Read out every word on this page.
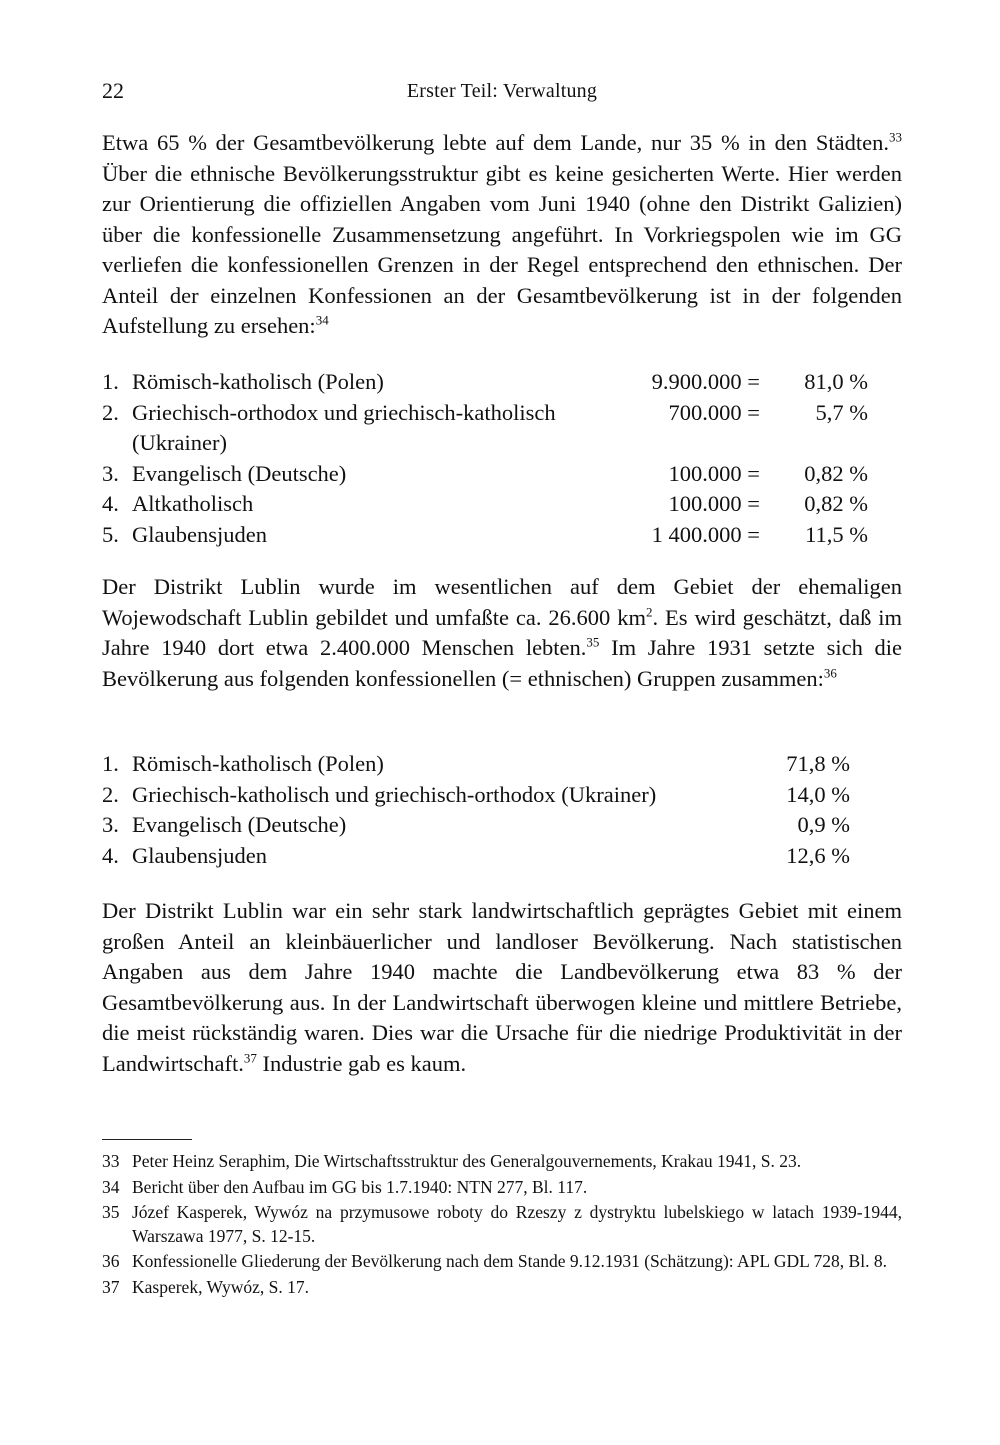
22	Erster Teil: Verwaltung

Etwa 65 % der Gesamtbevölkerung lebte auf dem Lande, nur 35 % in den Städten.$^{33}$ Über die ethnische Bevölkerungsstruktur gibt es keine gesicherten Werte. Hier werden zur Orientierung die offiziellen Angaben vom Juni 1940 (ohne den Distrikt Galizien) über die konfessionelle Zusammensetzung angeführt. In Vorkriegspolen wie im GG verliefen die konfessionellen Grenzen in der Regel entsprechend den ethnischen. Der Anteil der einzelnen Konfessionen an der Gesamtbevölkerung ist in der folgenden Aufstellung zu ersehen:$^{34}$

1. Römisch-katholisch (Polen)	9.900.000 =	81,0 %
2. Griechisch-orthodox und griechisch-katholisch	700.000 =	5,7 %
(Ukrainer)
3. Evangelisch (Deutsche)	100.000 =	0,82 %
4. Altkatholisch	100.000 =	0,82 %
5. Glaubensjuden	1 400.000 =	11,5 %

Der Distrikt Lublin wurde im wesentlichen auf dem Gebiet der ehemaligen Wojewodschaft Lublin gebildet und umfaßte ca. 26.600 $km^2$. Es wird geschätzt, daß im Jahre 1940 dort etwa 2.400.000 Menschen lebten.$^{35}$ Im Jahre 1931 setzte sich die Bevölkerung aus folgenden konfessionellen (= ethnischen) Gruppen zusammen:$^{36}$

1. Römisch-katholisch (Polen)	71,8 %
2. Griechisch-katholisch und griechisch-orthodox (Ukrainer)	14,0 %
3. Evangelisch (Deutsche)	0,9 %
4. Glaubensjuden	12,6 %

Der Distrikt Lublin war ein sehr stark landwirtschaftlich geprägtes Gebiet mit einem großen Anteil an kleinbäuerlicher und landloser Bevölkerung. Nach statistischen Angaben aus dem Jahre 1940 machte die Landbevölkerung etwa 83 % der Gesamtbevölkerung aus. In der Landwirtschaft überwogen kleine und mittlere Betriebe, die meist rückständig waren. Dies war die Ursache für die niedrige Produktivität in der Landwirtschaft.$^{37}$ Industrie gab es kaum.

33 Peter Heinz Seraphim, Die Wirtschaftsstruktur des Generalgouvernements, Krakau 1941, S. 23.
34 Bericht über den Aufbau im GG bis 1.7.1940: NTN 277, Bl. 117.
35 Józef Kasperek, Wywóz na przymusowe roboty do Rzeszy z dystryktu lubelskiego w latach 1939-1944, Warszawa 1977, S. 12-15.
36 Konfessionelle Gliederung der Bevölkerung nach dem Stande 9.12.1931 (Schätzung): APL GDL 728, Bl. 8.
37 Kasperek, Wywóz, S. 17.
